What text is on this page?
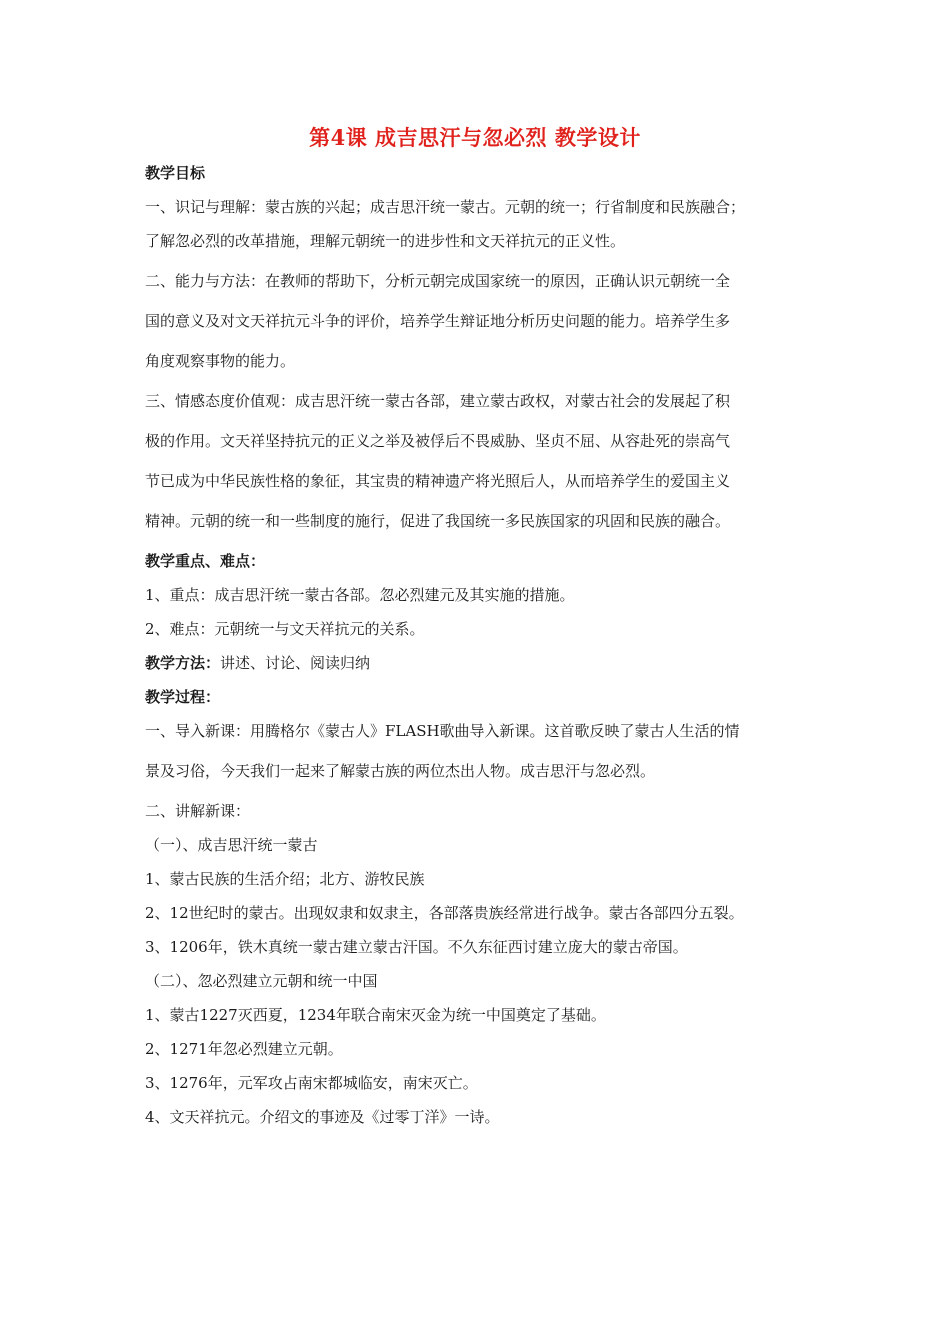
第4课 成吉思汗与忽必烈 教学设计
教学目标
一、识记与理解：蒙古族的兴起；成吉思汗统一蒙古。元朝的统一；行省制度和民族融合；
了解忽必烈的改革措施，理解元朝统一的进步性和文天祥抗元的正义性。
二、能力与方法：在教师的帮助下，分析元朝完成国家统一的原因，正确认识元朝统一全
国的意义及对文天祥抗元斗争的评价，培养学生辩证地分析历史问题的能力。培养学生多
角度观察事物的能力。
三、情感态度价值观：成吉思汗统一蒙古各部，建立蒙古政权，对蒙古社会的发展起了积
极的作用。文天祥坚持抗元的正义之举及被俘后不畏威胁、坚贞不屈、从容赴死的崇高气
节已成为中华民族性格的象征，其宝贵的精神遗产将光照后人，从而培养学生的爱国主义
精神。元朝的统一和一些制度的施行，促进了我国统一多民族国家的巩固和民族的融合。
教学重点、难点：
1、重点：成吉思汗统一蒙古各部。忽必烈建元及其实施的措施。
2、难点：元朝统一与文天祥抗元的关系。
教学方法：讲述、讨论、阅读归纳
教学过程：
一、导入新课：用腾格尔《蒙古人》FLASH歌曲导入新课。这首歌反映了蒙古人生活的情
景及习俗，今天我们一起来了解蒙古族的两位杰出人物。成吉思汗与忽必烈。
二、讲解新课：
（一）、成吉思汗统一蒙古
1、蒙古民族的生活介绍；北方、游牧民族
2、12世纪时的蒙古。出现奴隶和奴隶主，各部落贵族经常进行战争。蒙古各部四分五裂。
3、1206年，铁木真统一蒙古建立蒙古汗国。不久东征西讨建立庞大的蒙古帝国。
（二）、忽必烈建立元朝和统一中国
1、蒙古1227灭西夏，1234年联合南宋灭金为统一中国奠定了基础。
2、1271年忽必烈建立元朝。
3、1276年，元军攻占南宋都城临安，南宋灭亡。
4、文天祥抗元。介绍文的事迹及《过零丁洋》一诗。
